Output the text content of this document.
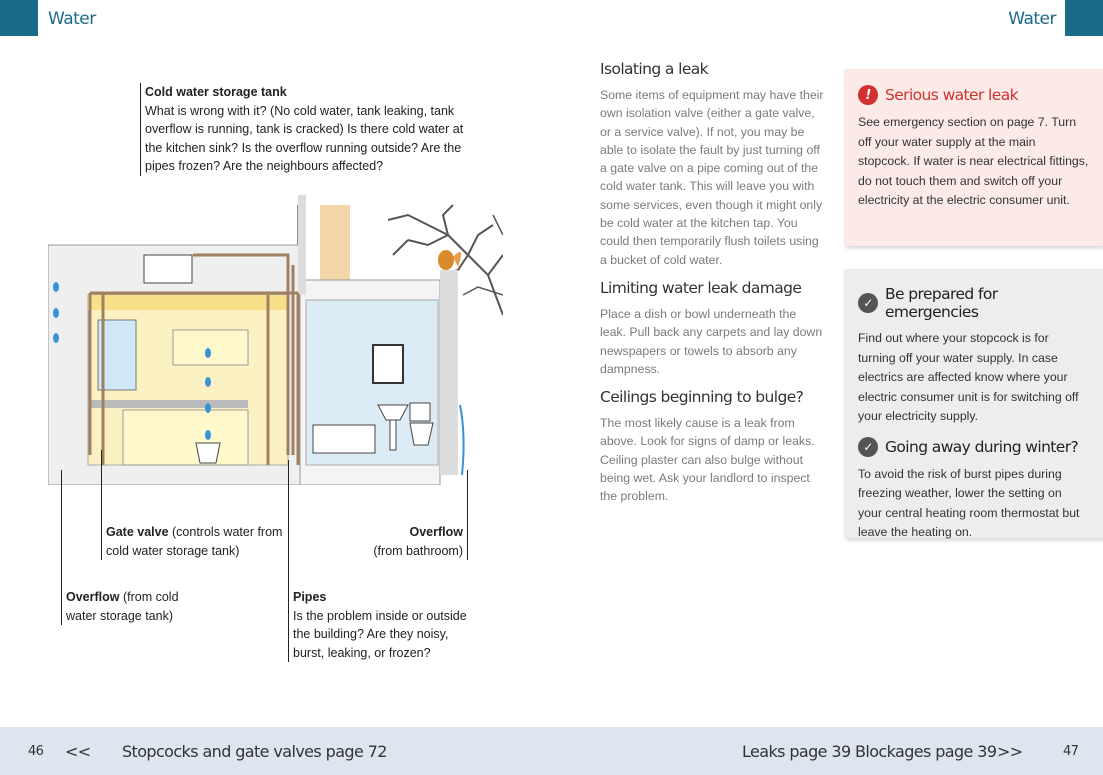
Water	Water
Cold water storage tank
What is wrong with it? (No cold water, tank leaking, tank overflow is running, tank is cracked) Is there cold water at the kitchen sink? Is the overflow running outside? Are the pipes frozen? Are the neighbours affected?
Gate valve (controls water from cold water storage tank)
Overflow
(from bathroom)
Overflow (from cold water storage tank)
Pipes
Is the problem inside or outside the building? Are they noisy, burst, leaking, or frozen?
Isolating a leak

Some items of equipment may have their own isolation valve (either a gate valve, or a service valve). If not, you may be able to isolate the fault by just turning off a gate valve on a pipe coming out of the cold water tank. This will leave you with some services, even though it might only be cold water at the kitchen tap. You could then temporarily flush toilets using a bucket of cold water.

Limiting water leak damage

Place a dish or bowl underneath the leak. Pull back any carpets and lay down newspapers or towels to absorb any dampness.

Ceilings beginning to bulge?

The most likely cause is a leak from above. Look for signs of damp or leaks. Ceiling plaster can also bulge without being wet. Ask your landlord to inspect the problem.

! Serious water leak

See emergency section on page 7. Turn off your water supply at the main stopcock. If water is near electrical fittings, do not touch them and switch off your electricity at the electric consumer unit.

✓ Be prepared for emergencies

Find out where your stopcock is for turning off your water supply. In case electrics are affected know where your electric consumer unit is for switching off your electricity supply.

✓ Going away during winter?

To avoid the risk of burst pipes during freezing weather, lower the setting on your central heating room thermostat but leave the heating on.

46 << Stopcocks and gate valves page 72	Leaks page 39 Blockages page 39 >>	47
